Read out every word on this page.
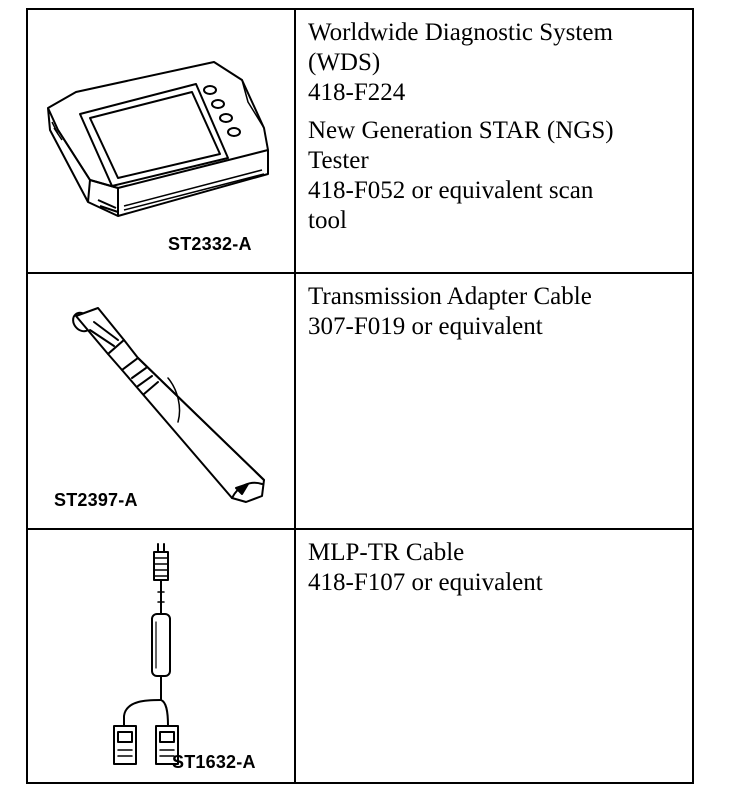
ST2332-A
Worldwide Diagnostic System
(WDS)
418-F224
New Generation STAR (NGS)
Tester
418-F052 or equivalent scan
tool
ST2397-A
Transmission Adapter Cable
307-F019 or equivalent
ST1632-A
MLP-TR Cable
418-F107 or equivalent
